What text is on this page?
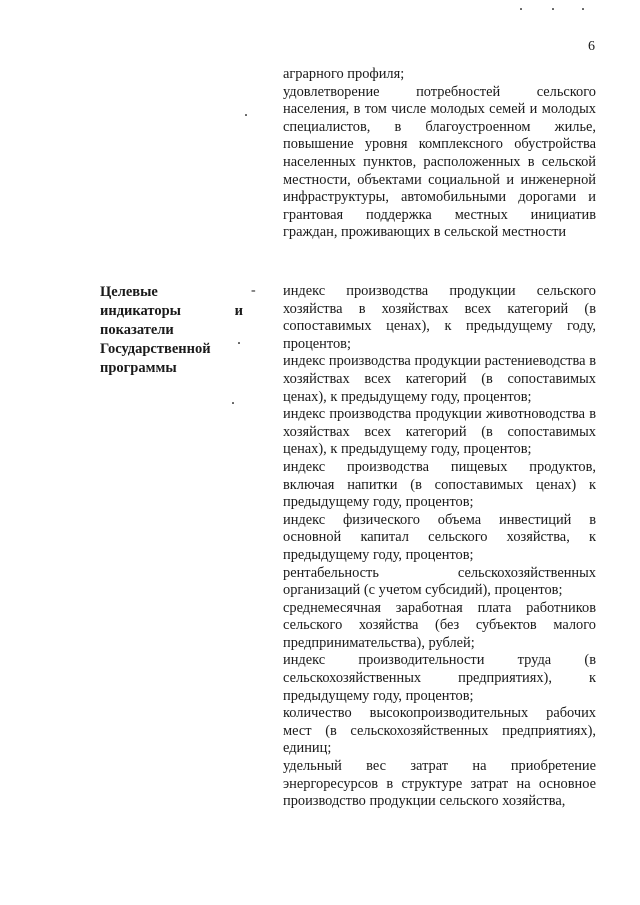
6
аграрного профиля;
удовлетворение потребностей сельского населения, в том числе молодых семей и молодых специалистов, в благоустроенном жилье, повышение уровня комплексного обустройства населенных пунктов, расположенных в сельской местности, объектами социальной и инженерной инфраструктуры, автомобильными дорогами и грантовая поддержка местных инициатив граждан, проживающих в сельской местности
Целевые
индикаторы и
показатели
Государственной
программы
- индекс производства продукции сельского хозяйства в хозяйствах всех категорий (в сопоставимых ценах), к предыдущему году, процентов;
индекс производства продукции растениеводства в хозяйствах всех категорий (в сопоставимых ценах), к предыдущему году, процентов;
индекс производства продукции животноводства в хозяйствах всех категорий (в сопоставимых ценах), к предыдущему году, процентов;
индекс производства пищевых продуктов, включая напитки (в сопоставимых ценах) к предыдущему году, процентов;
индекс физического объема инвестиций в основной капитал сельского хозяйства, к предыдущему году, процентов;
рентабельность сельскохозяйственных организаций (с учетом субсидий), процентов;
среднемесячная заработная плата работников сельского хозяйства (без субъектов малого предпринимательства), рублей;
индекс производительности труда (в сельскохозяйственных предприятиях), к предыдущему году, процентов;
количество высокопроизводительных рабочих мест (в сельскохозяйственных предприятиях), единиц;
удельный вес затрат на приобретение энергоресурсов в структуре затрат на основное производство продукции сельского хозяйства,
